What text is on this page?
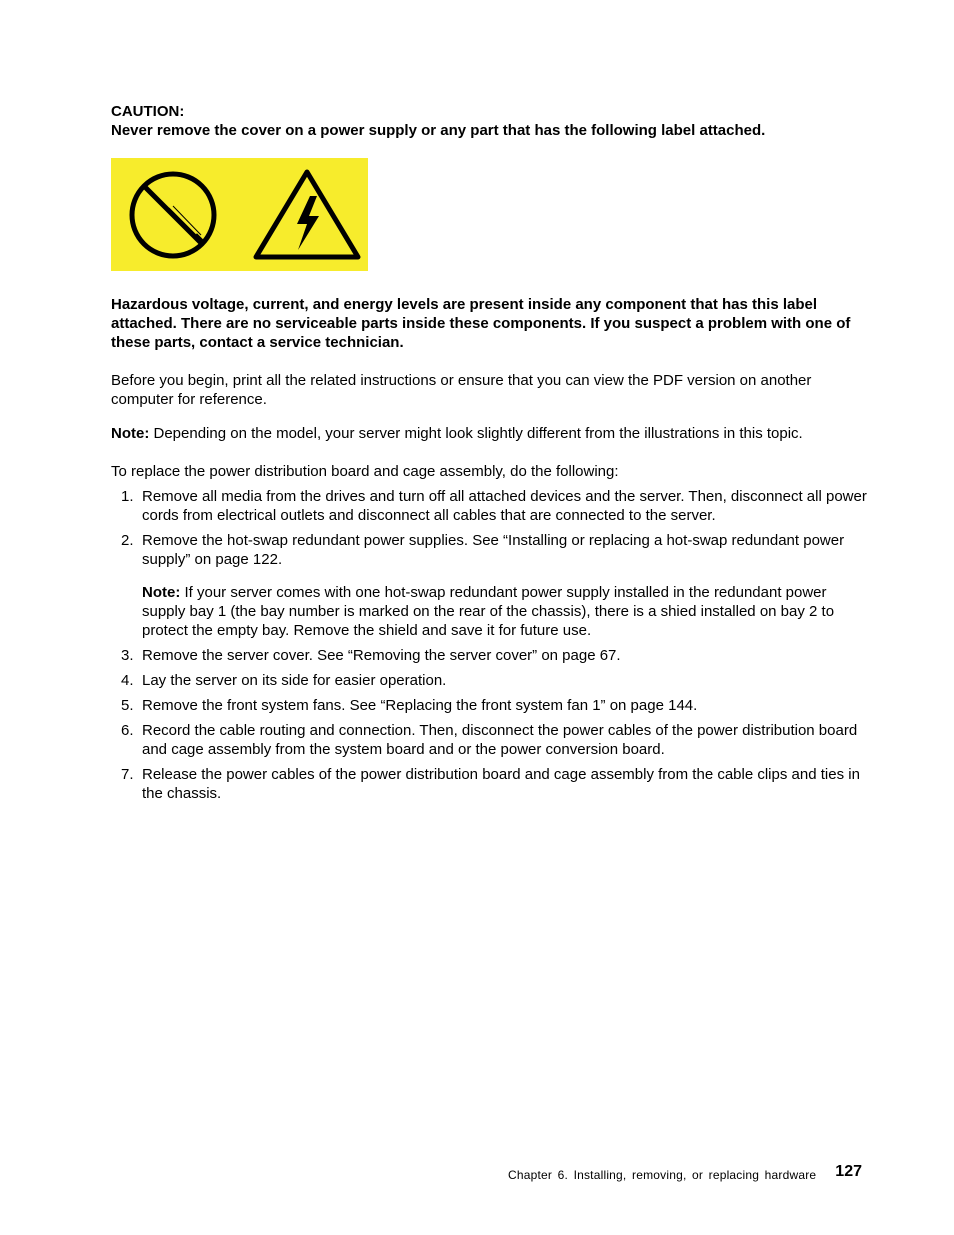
CAUTION:

Never remove the cover on a power supply or any part that has the following label attached.

Hazardous voltage, current, and energy levels are present inside any component that has this label attached. There are no serviceable parts inside these components. If you suspect a problem with one of these parts, contact a service technician.

Before you begin, print all the related instructions or ensure that you can view the PDF version on another computer for reference.

Note: Depending on the model, your server might look slightly different from the illustrations in this topic.

To replace the power distribution board and cage assembly, do the following:

1. Remove all media from the drives and turn off all attached devices and the server. Then, disconnect all power cords from electrical outlets and disconnect all cables that are connected to the server.
2. Remove the hot-swap redundant power supplies. See “Installing or replacing a hot-swap redundant power supply” on page 122.

Note: If your server comes with one hot-swap redundant power supply installed in the redundant power supply bay 1 (the bay number is marked on the rear of the chassis), there is a shied installed on bay 2 to protect the empty bay. Remove the shield and save it for future use.

3. Remove the server cover. See “Removing the server cover” on page 67.
4. Lay the server on its side for easier operation.
5. Remove the front system fans. See “Replacing the front system fan 1” on page 144.
6. Record the cable routing and connection. Then, disconnect the power cables of the power distribution board and cage assembly from the system board and or the power conversion board.
7. Release the power cables of the power distribution board and cage assembly from the cable clips and ties in the chassis.
Chapter 6. Installing, removing, or replacing hardware 127
